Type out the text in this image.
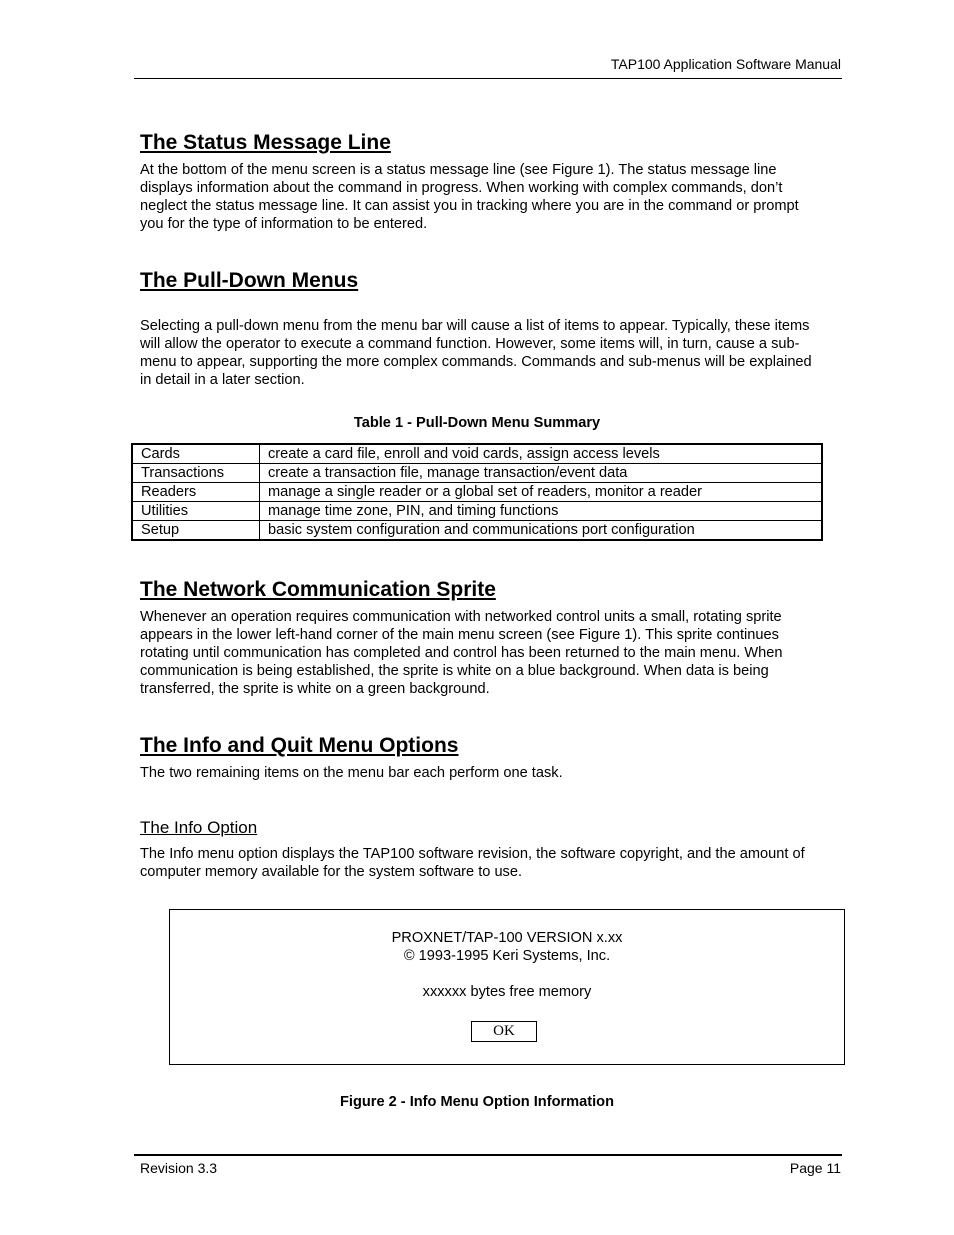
TAP100 Application Software Manual
The Status Message Line

At the bottom of the menu screen is a status message line (see Figure 1). The status message line displays information about the command in progress. When working with complex commands, don’t neglect the status message line. It can assist you in tracking where you are in the command or prompt you for the type of information to be entered.

The Pull-Down Menus

Selecting a pull-down menu from the menu bar will cause a list of items to appear. Typically, these items will allow the operator to execute a command function. However, some items will, in turn, cause a sub-menu to appear, supporting the more complex commands. Commands and sub-menus will be explained in detail in a later section.

Table 1 - Pull-Down Menu Summary
Cards	create a card file, enroll and void cards, assign access levels
Transactions	create a transaction file, manage transaction/event data
Readers	manage a single reader or a global set of readers, monitor a reader
Utilities	manage time zone, PIN, and timing functions
Setup	basic system configuration and communications port configuration
The Network Communication Sprite

Whenever an operation requires communication with networked control units a small, rotating sprite appears in the lower left-hand corner of the main menu screen (see Figure 1). This sprite continues rotating until communication has completed and control has been returned to the main menu. When communication is being established, the sprite is white on a blue background. When data is being transferred, the sprite is white on a green background.

The Info and Quit Menu Options

The two remaining items on the menu bar each perform one task.

The Info Option

The Info menu option displays the TAP100 software revision, the software copyright, and the amount of computer memory available for the system software to use.

PROXNET/TAP-100 VERSION x.xx
© 1993-1995 Keri Systems, Inc.
xxxxxx bytes free memory
OK
Figure 2 - Info Menu Option Information
Revision 3.3	Page 11
